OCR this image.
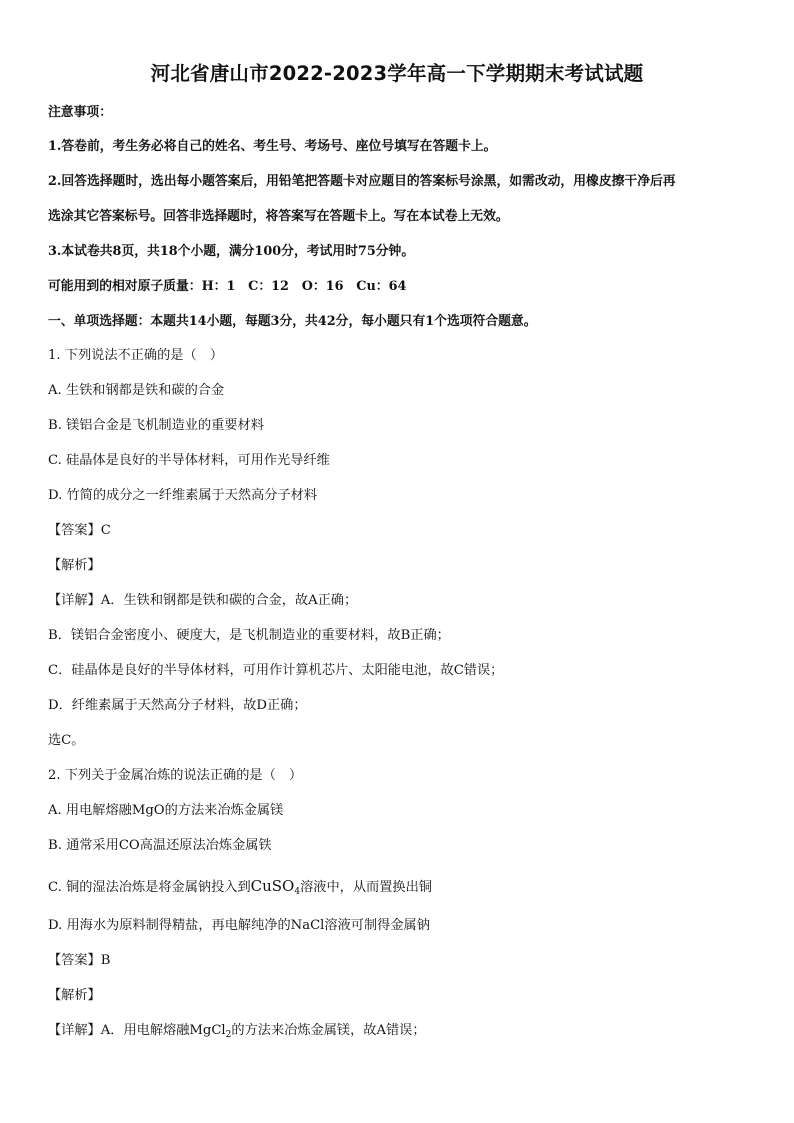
河北省唐山市2022-2023学年高一下学期期末考试试题
注意事项：
1.答卷前，考生务必将自己的姓名、考生号、考场号、座位号填写在答题卡上。
2.回答选择题时，选出每小题答案后，用铅笔把答题卡对应题目的答案标号涂黑，如需改动，用橡皮擦干净后再
选涂其它答案标号。回答非选择题时，将答案写在答题卡上。写在本试卷上无效。
3.本试卷共8页，共18个小题，满分100分，考试用时75分钟。
可能用到的相对原子质量：H：1　C：12　O：16　Cu：64
一、单项选择题：本题共14小题，每题3分，共42分，每小题只有1个选项符合题意。
1. 下列说法不正确的是（　）
A. 生铁和钢都是铁和碳的合金
B. 镁铝合金是飞机制造业的重要材料
C. 硅晶体是良好的半导体材料，可用作光导纤维
D. 竹简的成分之一纤维素属于天然高分子材料
【答案】C
【解析】
【详解】A．生铁和钢都是铁和碳的合金，故A正确；
B．镁铝合金密度小、硬度大，是飞机制造业的重要材料，故B正确；
C．硅晶体是良好的半导体材料，可用作计算机芯片、太阳能电池，故C错误；
D．纤维素属于天然高分子材料，故D正确；
选C。
2. 下列关于金属冶炼的说法正确的是（　）
A. 用电解熔融MgO的方法来冶炼金属镁
B. 通常采用CO高温还原法冶炼金属铁
C. 铜的湿法冶炼是将金属钠投入到CuSO$_4$溶液中，从而置换出铜
D. 用海水为原料制得精盐，再电解纯净的NaCl溶液可制得金属钠
【答案】B
【解析】
【详解】A．用电解熔融MgCl$_2$的方法来冶炼金属镁，故A错误；
